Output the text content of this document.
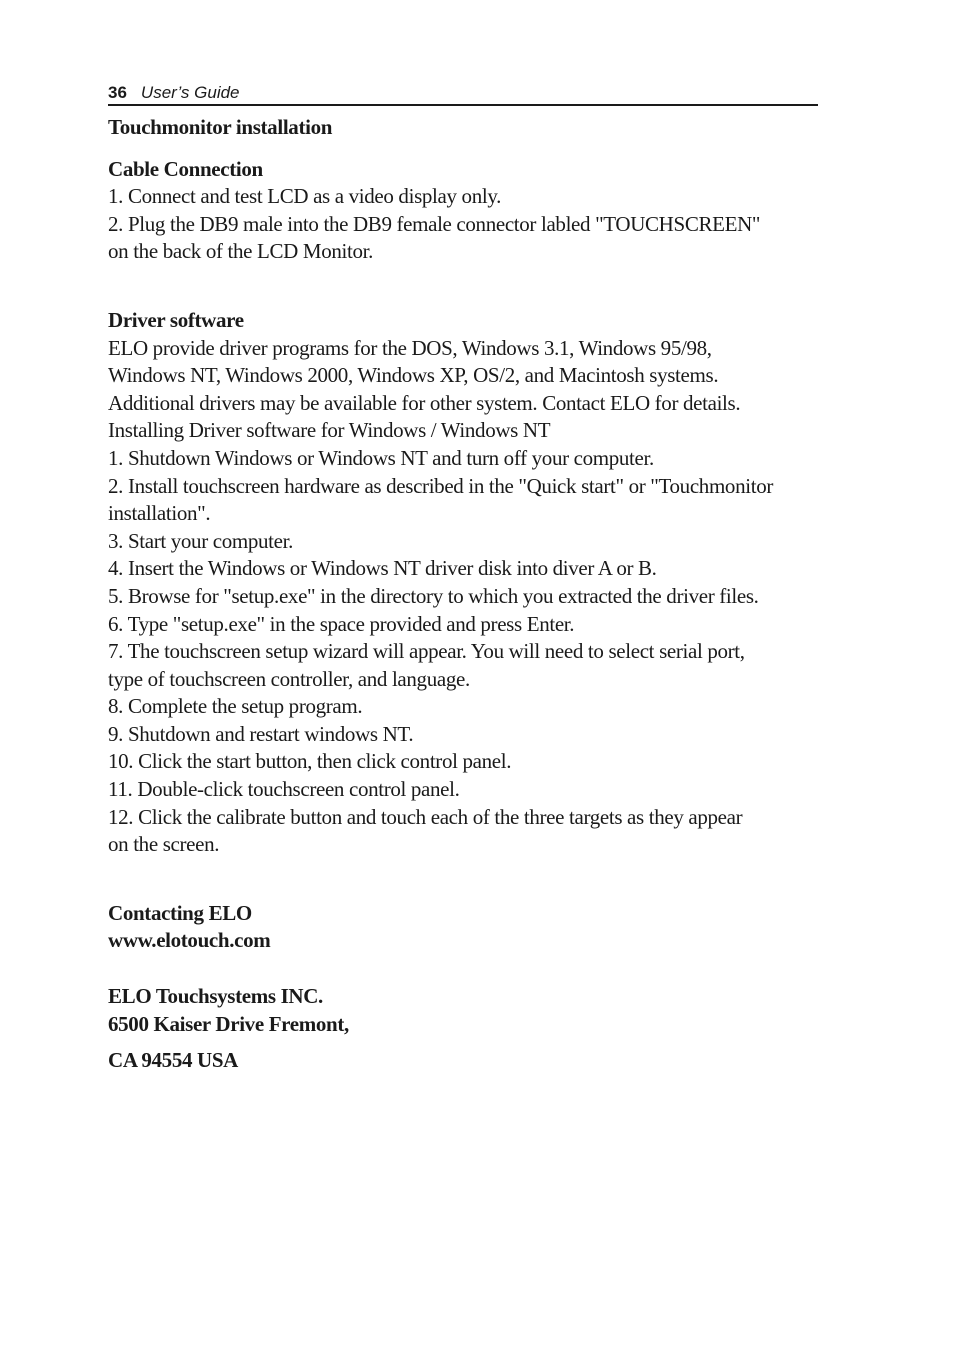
36 User’s Guide
Touchmonitor installation
Cable Connection
1. Connect and test LCD as a video display only.
2. Plug the DB9 male into the DB9 female connector labled "TOUCHSCREEN"
on the back of the LCD Monitor.
Driver software
ELO provide driver programs for the DOS, Windows 3.1, Windows 95/98,
Windows NT, Windows 2000, Windows XP, OS/2, and Macintosh systems.
Additional drivers may be available for other system. Contact ELO for details.
Installing Driver software for Windows / Windows NT
1. Shutdown Windows or Windows NT and turn off your computer.
2. Install touchscreen hardware as described in the "Quick start" or "Touchmonitor
installation".
3. Start your computer.
4. Insert the Windows or Windows NT driver disk into diver A or B.
5. Browse for "setup.exe" in the directory to which you extracted the driver files.
6. Type "setup.exe" in the space provided and press Enter.
7. The touchscreen setup wizard will appear. You will need to select serial port,
type of touchscreen controller, and language.
8. Complete the setup program.
9. Shutdown and restart windows NT.
10. Click the start button, then click control panel.
11. Double-click touchscreen control panel.
12. Click the calibrate button and touch each of the three targets as they appear
on the screen.
Contacting ELO
www.elotouch.com
ELO Touchsystems INC.
6500 Kaiser Drive Fremont,
CA 94554 USA
